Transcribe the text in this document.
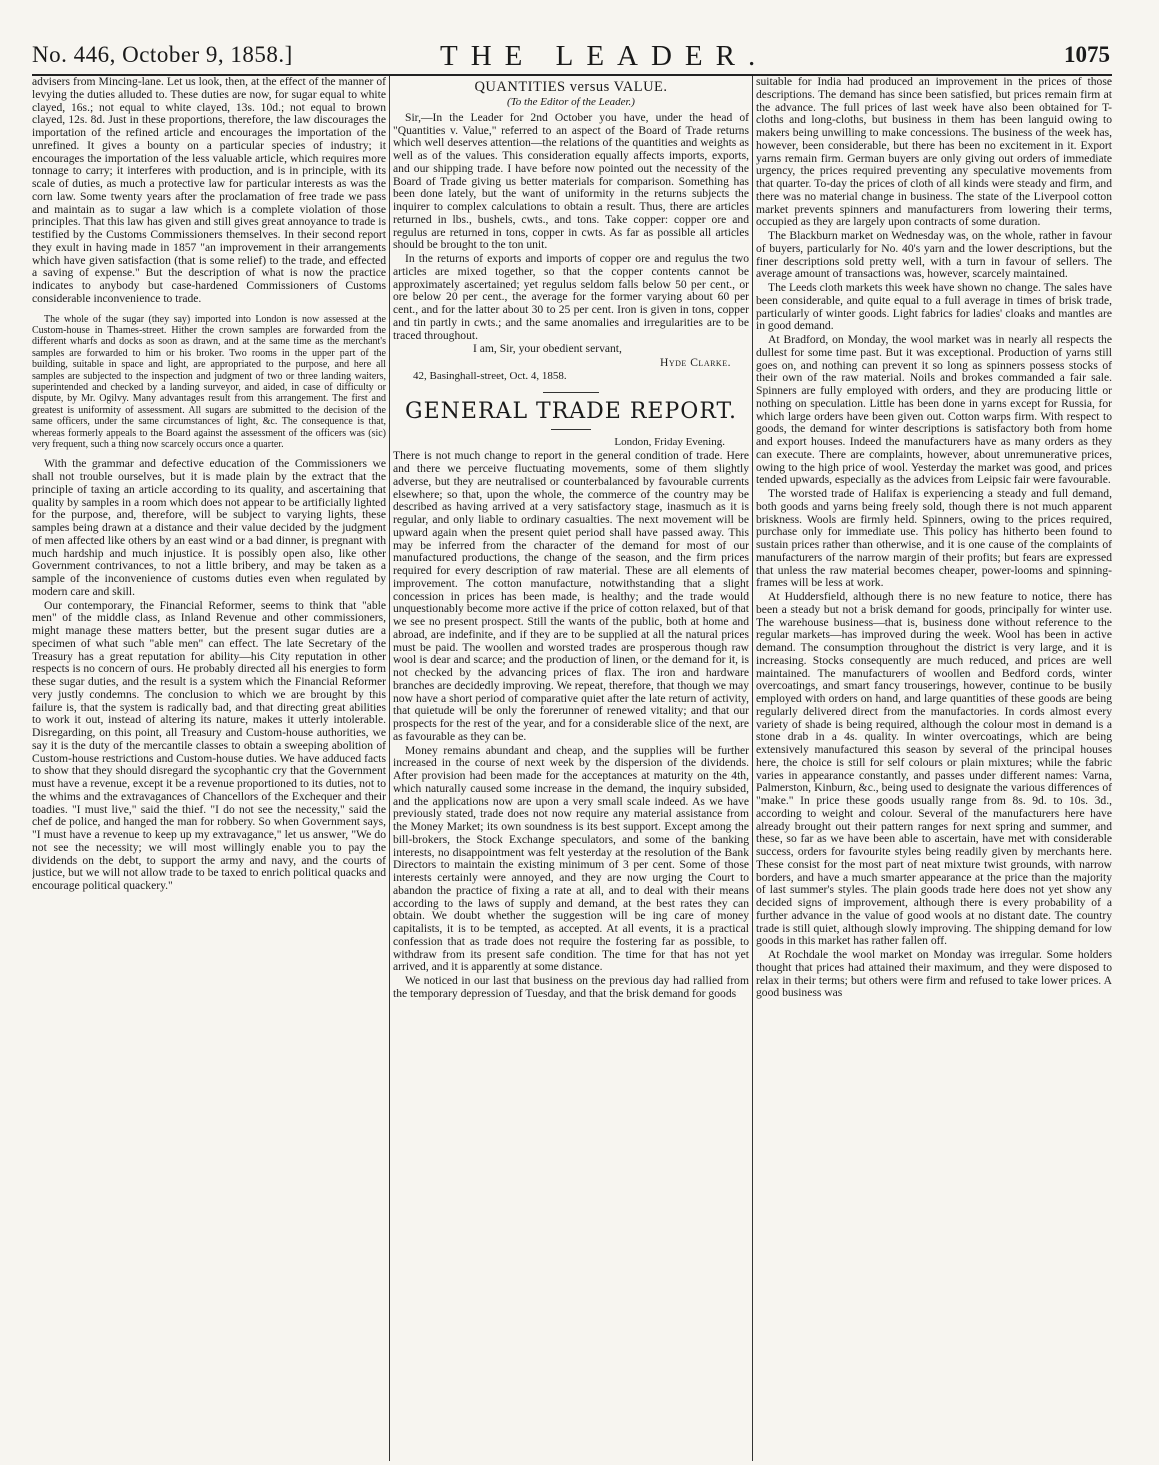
No. 446, October 9, 1858.]	THE LEADER.	1075

advisers from Mincing-lane. Let us look, then, at the effect of the manner of levying the duties alluded to. These duties are now, for sugar equal to white clayed, 16s.; not equal to white clayed, 13s. 10d.; not equal to brown clayed, 12s. 8d. Just in these proportions, therefore, the law discourages the importation of the refined article and encourages the importation of the unrefined. It gives a bounty on a particular species of industry; it encourages the importation of the less valuable article, which requires more tonnage to carry; it interferes with production, and is in principle, with its scale of duties, as much a protective law for particular interests as was the corn law. Some twenty years after the proclamation of free trade we pass and maintain as to sugar a law which is a complete violation of those principles. That this law has given and still gives great annoyance to trade is testified by the Customs Commissioners themselves. In their second report they exult in having made in 1857 "an improvement in their arrangements which have given satisfaction (that is some relief) to the trade, and effected a saving of expense." But the description of what is now the practice indicates to anybody but case-hardened Commissioners of Customs considerable inconvenience to trade.

The whole of the sugar (they say) imported into London is now assessed at the Custom-house in Thames-street. Hither the crown samples are forwarded from the different wharfs and docks as soon as drawn, and at the same time as the merchant's samples are forwarded to him or his broker. Two rooms in the upper part of the building, suitable in space and light, are appropriated to the purpose, and here all samples are subjected to the inspection and judgment of two or three landing waiters, superintended and checked by a landing surveyor, and aided, in case of difficulty or dispute, by Mr. Ogilvy. Many advantages result from this arrangement. The first and greatest is uniformity of assessment. All sugars are submitted to the decision of the same officers, under the same circumstances of light, &c. The consequence is that, whereas formerly appeals to the Board against the assessment of the officers was (sic) very frequent, such a thing now scarcely occurs once a quarter.

With the grammar and defective education of the Commissioners we shall not trouble ourselves, but it is made plain by the extract that the principle of taxing an article according to its quality, and ascertaining that quality by samples in a room which does not appear to be artificially lighted for the purpose, and, therefore, will be subject to varying lights, these samples being drawn at a distance and their value decided by the judgment of men affected like others by an east wind or a bad dinner, is pregnant with much hardship and much injustice. It is possibly open also, like other Government contrivances, to not a little bribery, and may be taken as a sample of the inconvenience of customs duties even when regulated by modern care and skill.

Our contemporary, the Financial Reformer, seems to think that "able men" of the middle class, as Inland Revenue and other commissioners, might manage these matters better, but the present sugar duties are a specimen of what such "able men" can effect. The late Secretary of the Treasury has a great reputation for ability—his City reputation in other respects is no concern of ours. He probably directed all his energies to form these sugar duties, and the result is a system which the Financial Reformer very justly condemns. The conclusion to which we are brought by this failure is, that the system is radically bad, and that directing great abilities to work it out, instead of altering its nature, makes it utterly intolerable. Disregarding, on this point, all Treasury and Custom-house authorities, we say it is the duty of the mercantile classes to obtain a sweeping abolition of Custom-house restrictions and Custom-house duties. We have adduced facts to show that they should disregard the sycophantic cry that the Government must have a revenue, except it be a revenue proportioned to its duties, not to the whims and the extravagances of Chancellors of the Exchequer and their toadies. "I must live," said the thief. "I do not see the necessity," said the chef de police, and hanged the man for robbery. So when Government says, "I must have a revenue to keep up my extravagance," let us answer, "We do not see the necessity; we will most willingly enable you to pay the dividends on the debt, to support the army and navy, and the courts of justice, but we will not allow trade to be taxed to enrich political quacks and encourage political quackery."

QUANTITIES versus VALUE.
(To the Editor of the Leader.)

Sir,—In the Leader for 2nd October you have, under the head of "Quantities v. Value," referred to an aspect of the Board of Trade returns which well deserves attention—the relations of the quantities and weights as well as of the values. This consideration equally affects imports, exports, and our shipping trade. I have before now pointed out the necessity of the Board of Trade giving us better materials for comparison. Something has been done lately, but the want of uniformity in the returns subjects the inquirer to complex calculations to obtain a result. Thus, there are articles returned in lbs., bushels, cwts., and tons. Take copper: copper ore and regulus are returned in tons, copper in cwts. As far as possible all articles should be brought to the ton unit.

In the returns of exports and imports of copper ore and regulus the two articles are mixed together, so that the copper contents cannot be approximately ascertained; yet regulus seldom falls below 50 per cent., or ore below 20 per cent., the average for the former varying about 60 per cent., and for the latter about 30 to 25 per cent. Iron is given in tons, copper and tin partly in cwts.; and the same anomalies and irregularities are to be traced throughout.

I am, Sir, your obedient servant,

Hyde Clarke.

42, Basinghall-street, Oct. 4, 1858.

GENERAL TRADE REPORT.
London, Friday Evening.

There is not much change to report in the general condition of trade. Here and there we perceive fluctuating movements, some of them slightly adverse, but they are neutralised or counterbalanced by favourable currents elsewhere; so that, upon the whole, the commerce of the country may be described as having arrived at a very satisfactory stage, inasmuch as it is regular, and only liable to ordinary casualties. The next movement will be upward again when the present quiet period shall have passed away. This may be inferred from the character of the demand for most of our manufactured productions, the change of the season, and the firm prices required for every description of raw material. These are all elements of improvement. The cotton manufacture, notwithstanding that a slight concession in prices has been made, is healthy; and the trade would unquestionably become more active if the price of cotton relaxed, but of that we see no present prospect. Still the wants of the public, both at home and abroad, are indefinite, and if they are to be supplied at all the natural prices must be paid. The woollen and worsted trades are prosperous though raw wool is dear and scarce; and the production of linen, or the demand for it, is not checked by the advancing prices of flax. The iron and hardware branches are decidedly improving. We repeat, therefore, that though we may now have a short period of comparative quiet after the late return of activity, that quietude will be only the forerunner of renewed vitality; and that our prospects for the rest of the year, and for a considerable slice of the next, are as favourable as they can be.

Money remains abundant and cheap, and the supplies will be further increased in the course of next week by the dispersion of the dividends. After provision had been made for the acceptances at maturity on the 4th, which naturally caused some increase in the demand, the inquiry subsided, and the applications now are upon a very small scale indeed. As we have previously stated, trade does not now require any material assistance from the Money Market; its own soundness is its best support. Except among the bill-brokers, the Stock Exchange speculators, and some of the banking interests, no disappointment was felt yesterday at the resolution of the Bank Directors to maintain the existing minimum of 3 per cent. Some of those interests certainly were annoyed, and they are now urging the Court to abandon the practice of fixing a rate at all, and to deal with their means according to the laws of supply and demand, at the best rates they can obtain. We doubt whether the suggestion will be ing care of money capitalists, it is to be tempted, as accepted. At all events, it is a practical confession that as trade does not require the fostering far as possible, to withdraw from its present safe condition. The time for that has not yet arrived, and it is apparently at some distance.

We noticed in our last that business on the previous day had rallied from the temporary depression of Tuesday, and that the brisk demand for goods

suitable for India had produced an improvement in the prices of those descriptions. The demand has since been satisfied, but prices remain firm at the advance. The full prices of last week have also been obtained for T-cloths and long-cloths, but business in them has been languid owing to makers being unwilling to make concessions. The business of the week has, however, been considerable, but there has been no excitement in it. Export yarns remain firm. German buyers are only giving out orders of immediate urgency, the prices required preventing any speculative movements from that quarter. To-day the prices of cloth of all kinds were steady and firm, and there was no material change in business. The state of the Liverpool cotton market prevents spinners and manufacturers from lowering their terms, occupied as they are largely upon contracts of some duration.

The Blackburn market on Wednesday was, on the whole, rather in favour of buyers, particularly for No. 40's yarn and the lower descriptions, but the finer descriptions sold pretty well, with a turn in favour of sellers. The average amount of transactions was, however, scarcely maintained.

The Leeds cloth markets this week have shown no change. The sales have been considerable, and quite equal to a full average in times of brisk trade, particularly of winter goods. Light fabrics for ladies' cloaks and mantles are in good demand.

At Bradford, on Monday, the wool market was in nearly all respects the dullest for some time past. But it was exceptional. Production of yarns still goes on, and nothing can prevent it so long as spinners possess stocks of their own of the raw material. Noils and brokes commanded a fair sale. Spinners are fully employed with orders, and they are producing little or nothing on speculation. Little has been done in yarns except for Russia, for which large orders have been given out. Cotton warps firm. With respect to goods, the demand for winter descriptions is satisfactory both from home and export houses. Indeed the manufacturers have as many orders as they can execute. There are complaints, however, about unremunerative prices, owing to the high price of wool. Yesterday the market was good, and prices tended upwards, especially as the advices from Leipsic fair were favourable.

The worsted trade of Halifax is experiencing a steady and full demand, both goods and yarns being freely sold, though there is not much apparent briskness. Wools are firmly held. Spinners, owing to the prices required, purchase only for immediate use. This policy has hitherto been found to sustain prices rather than otherwise, and it is one cause of the complaints of manufacturers of the narrow margin of their profits; but fears are expressed that unless the raw material becomes cheaper, power-looms and spinning-frames will be less at work.

At Huddersfield, although there is no new feature to notice, there has been a steady but not a brisk demand for goods, principally for winter use. The warehouse business—that is, business done without reference to the regular markets—has improved during the week. Wool has been in active demand. The consumption throughout the district is very large, and it is increasing. Stocks consequently are much reduced, and prices are well maintained. The manufacturers of woollen and Bedford cords, winter overcoatings, and smart fancy trouserings, however, continue to be busily employed with orders on hand, and large quantities of these goods are being regularly delivered direct from the manufactories. In cords almost every variety of shade is being required, although the colour most in demand is a stone drab in a 4s. quality. In winter overcoatings, which are being extensively manufactured this season by several of the principal houses here, the choice is still for self colours or plain mixtures; while the fabric varies in appearance constantly, and passes under different names: Varna, Palmerston, Kinburn, &c., being used to designate the various differences of "make." In price these goods usually range from 8s. 9d. to 10s. 3d., according to weight and colour. Several of the manufacturers here have already brought out their pattern ranges for next spring and summer, and these, so far as we have been able to ascertain, have met with considerable success, orders for favourite styles being readily given by merchants here. These consist for the most part of neat mixture twist grounds, with narrow borders, and have a much smarter appearance at the price than the majority of last summer's styles. The plain goods trade here does not yet show any decided signs of improvement, although there is every probability of a further advance in the value of good wools at no distant date. The country trade is still quiet, although slowly improving. The shipping demand for low goods in this market has rather fallen off.

At Rochdale the wool market on Monday was irregular. Some holders thought that prices had attained their maximum, and they were disposed to relax in their terms; but others were firm and refused to take lower prices. A good business was
